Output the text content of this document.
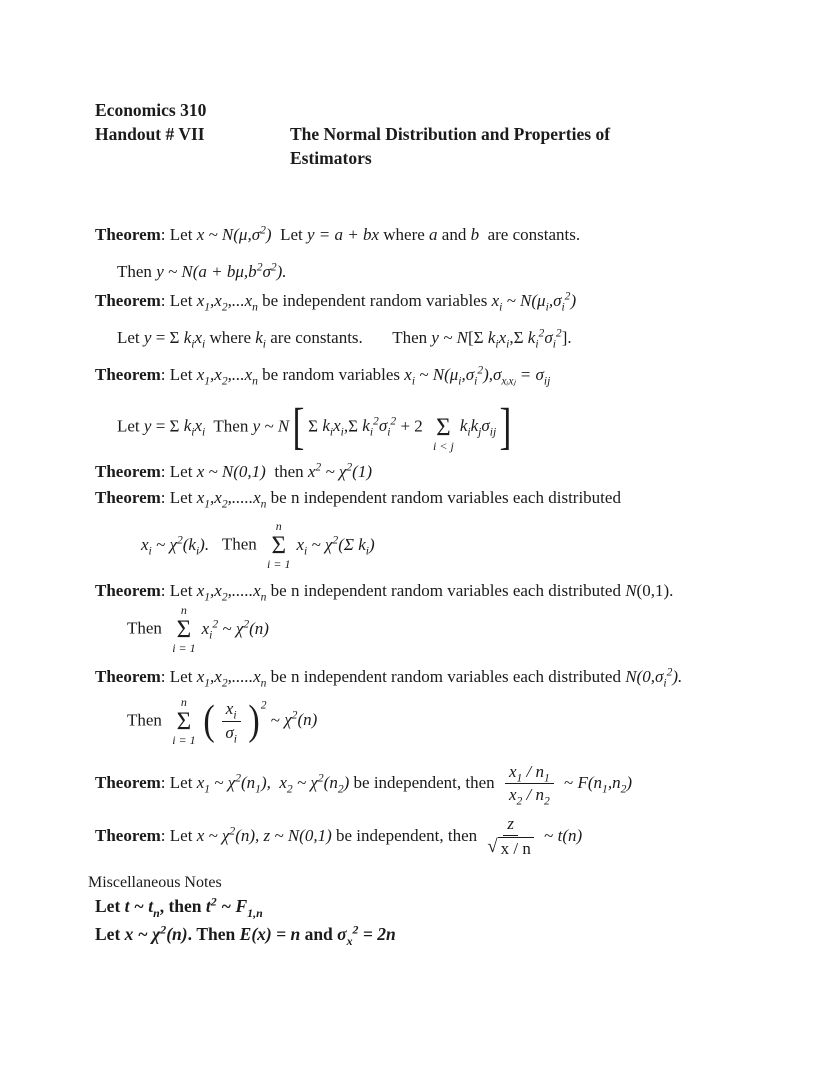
Economics 310
Handout # VII	The Normal Distribution and Properties of Estimators
Theorem: Let x ~ $N(\mu,\sigma^2)$  Let y = a + bx where a and b  are constants.
Then y ~ $N(a + b\mu,b^2\sigma^2)$.
Theorem: Let $x_1,x_2,...x_n$ be independent random variables $x_i$ ~ $N(\mu_i,\sigma_i^2)$
Let y = Σ $k_ix_i$ where $k_i$ are constants.       Then y ~ N[Σ $k_ix_i,\Sigma$ $k_i^2\sigma_i^2$].
Theorem: Let $x_1,x_2,...x_n$ be random variables $x_i$ ~ $N(\mu_i,\sigma_i^2),\sigma_{xᵢxⱼ} = \sigma_{ij}$
Let y = Σ $k_ix_i$  Then y ~ N[ Σ $k_ix_i,\Sigma$ $k_i^2\sigma_i^2 + 2$
Σ
i < j
$k_ik_j\sigma_{ij}$]
Theorem: Let x ~ N(0,1)  then $x^2$ ~ $\chi^2(1)$
Theorem: Let $x_1,x_2,.....x_n$ be n independent random variables each distributed
$x_i$ ~ $\chi^2(k_i)$.   Then
n
Σ
i = 1
$x_i$ ~ $\chi^2(\Sigma$ $k_i$)
Theorem: Let $x_1,x_2,.....x_n$ be n independent random variables each distributed N(0,1).
Then
n
Σ
i = 1
$x_i^2$ ~ $\chi^2(n)$
Theorem: Let $x_1,x_2,.....x_n$ be n independent random variables each distributed $N(0,\sigma_i^2)$.
Then
n
Σ
i = 1 ( $\frac{x_i}{\sigma_i} )^2$ ~ $\chi^2(n)$
Theorem: Let $x_1$ ~ $\chi^2(n_1)$, $x_2$ ~ $\chi^2(n_2)$ be independent, then $\frac{x_1 / n_1}{x_2 / n_2}$ ~ $F(n_1,n_2)$
Theorem: Let x ~ $\chi^2(n)$, z ~ N(0,1) be independent, then $\frac{z}{√ x / n}$ ~ t(n)
Miscellaneous Notes
Let t ~ $t_n$, then $t^2$ ~ $F_{1,n}$
Let x ~ $\chi^2(n)$. Then E(x) = n and $\sigma_x^2 = 2n$
